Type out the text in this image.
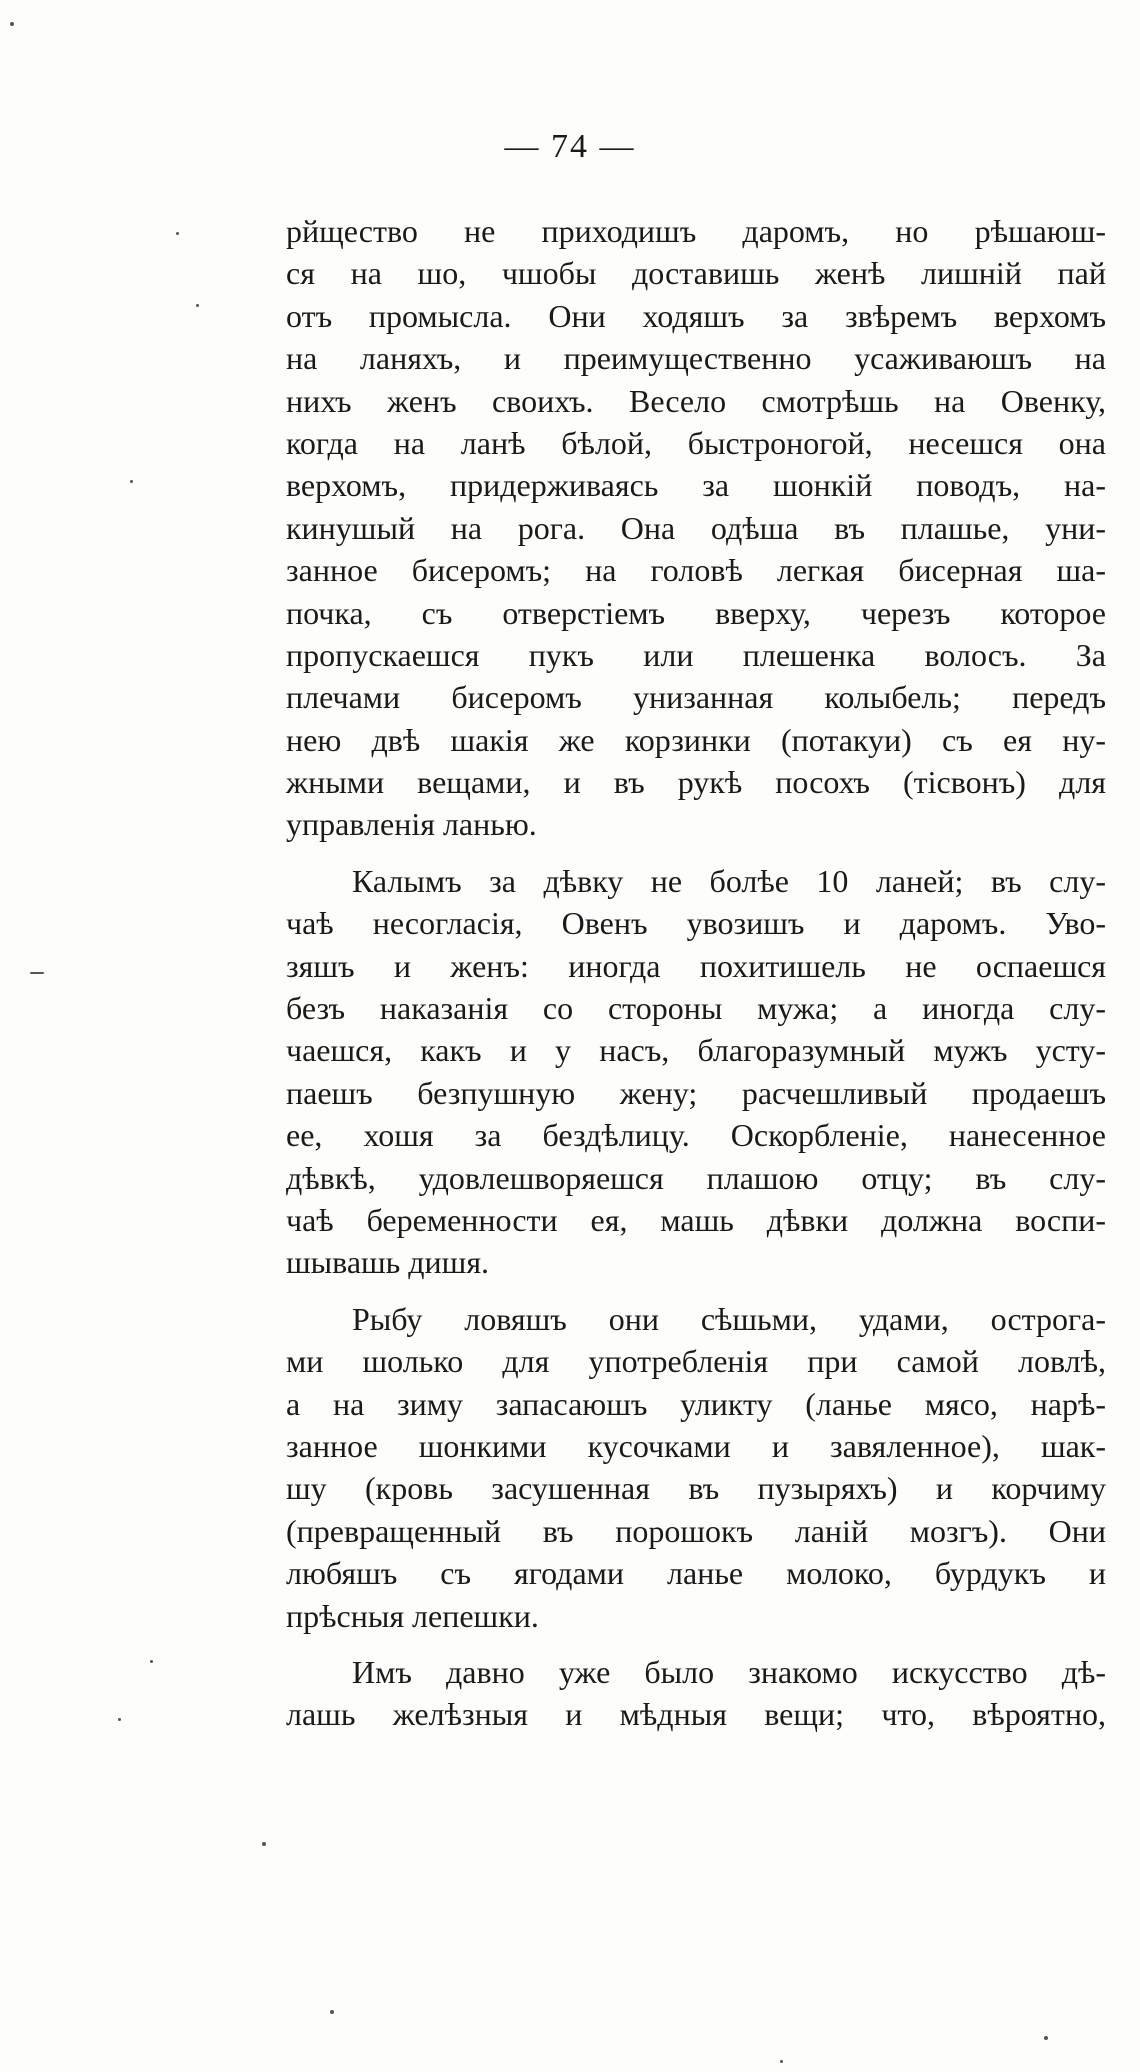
— 74 —
рйщество не приходишъ даромъ, но рѣшаюш-
ся на шо, чшобы доставишь женѣ лишній пай
отъ промысла. Они ходяшъ за звѣремъ верхомъ
на ланяхъ, и преимущественно усаживаюшъ на
нихъ женъ своихъ. Весело смотрѣшь на Овенку,
когда на ланѣ бѣлой, быстроногой, несешся она
верхомъ, придерживаясь за шонкій поводъ, на-
кинушый на рога. Она одѣша въ плашье, уни-
занное бисеромъ; на головѣ легкая бисерная ша-
почка, съ отверстіемъ вверху, черезъ которое
пропускаешся пукъ или плешенка волосъ. За
плечами бисеромъ унизанная колыбель; передъ
нею двѣ шакія же корзинки (потакуи) съ ея ну-
жными вещами, и въ рукѣ посохъ (тісвонъ) для
управленія ланью.
Калымъ за дѣвку не болѣе 10 ланей; въ слу-
чаѣ несогласія, Овенъ увозишъ и даромъ. Уво-
зяшъ и женъ: иногда похитишель не оспаешся
безъ наказанія со стороны мужа; а иногда слу-
чаешся, какъ и у насъ, благоразумный мужъ усту-
паешъ безпушную жену; расчешливый продаешъ
ее, хошя за бездѣлицу. Оскорбленіе, нанесенное
дѣвкѣ, удовлешворяешся плашою отцу; въ слу-
чаѣ беременности ея, машь дѣвки должна воспи-
шывашь дишя.
Рыбу ловяшъ они сѣшьми, удами, острога-
ми шолько для употребленія при самой ловлѣ,
а на зиму запасаюшъ уликту (ланье мясо, нарѣ-
занное шонкими кусочками и завяленное), шак-
шу (кровь засушенная въ пузыряхъ) и корчиму
(превращенный въ порошокъ ланій мозгъ). Они
любяшъ съ ягодами ланье молоко, бурдукъ и
прѣсныя лепешки.
Имъ давно уже было знакомо искусство дѣ-
лашь желѣзныя и мѣдныя вещи; что, вѣроятно,
